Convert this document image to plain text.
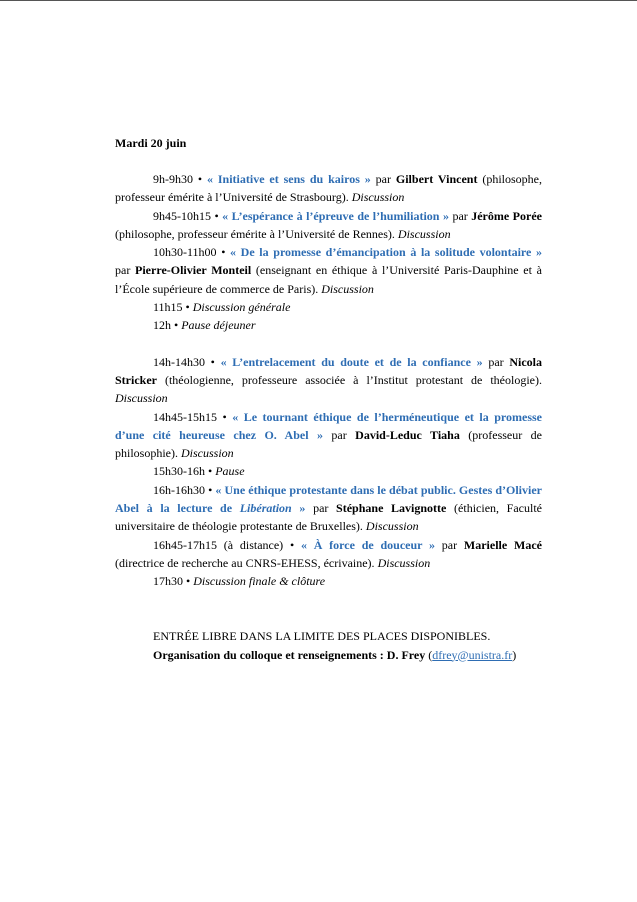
Mardi 20 juin
9h-9h30 • « Initiative et sens du kairos » par Gilbert Vincent (philosophe, professeur émérite à l’Université de Strasbourg). Discussion
9h45-10h15 • « L’espérance à l’épreuve de l’humiliation » par Jérôme Porée (philosophe, professeur émérite à l’Université de Rennes). Discussion
10h30-11h00 • « De la promesse d’émancipation à la solitude volontaire » par Pierre-Olivier Monteil (enseignant en éthique à l’Université Paris-Dauphine et à l’École supérieure de commerce de Paris). Discussion
11h15 • Discussion générale
12h • Pause déjeuner
14h-14h30 • « L’entrelacement du doute et de la confiance » par Nicola Stricker (théologienne, professeure associée à l’Institut protestant de théologie). Discussion
14h45-15h15 • « Le tournant éthique de l’herméneutique et la promesse d’une cité heureuse chez O. Abel » par David-Leduc Tiaha (professeur de philosophie). Discussion
15h30-16h • Pause
16h-16h30 • « Une éthique protestante dans le débat public. Gestes d’Olivier Abel à la lecture de Libération » par Stéphane Lavignotte (éthicien, Faculté universitaire de théologie protestante de Bruxelles). Discussion
16h45-17h15 (à distance) • « À force de douceur » par Marielle Macé (directrice de recherche au CNRS-EHESS, écrivaine). Discussion
17h30 • Discussion finale & clôture
ENTRÉE LIBRE DANS LA LIMITE DES PLACES DISPONIBLES.
Organisation du colloque et renseignements : D. Frey (dfrey@unistra.fr)
